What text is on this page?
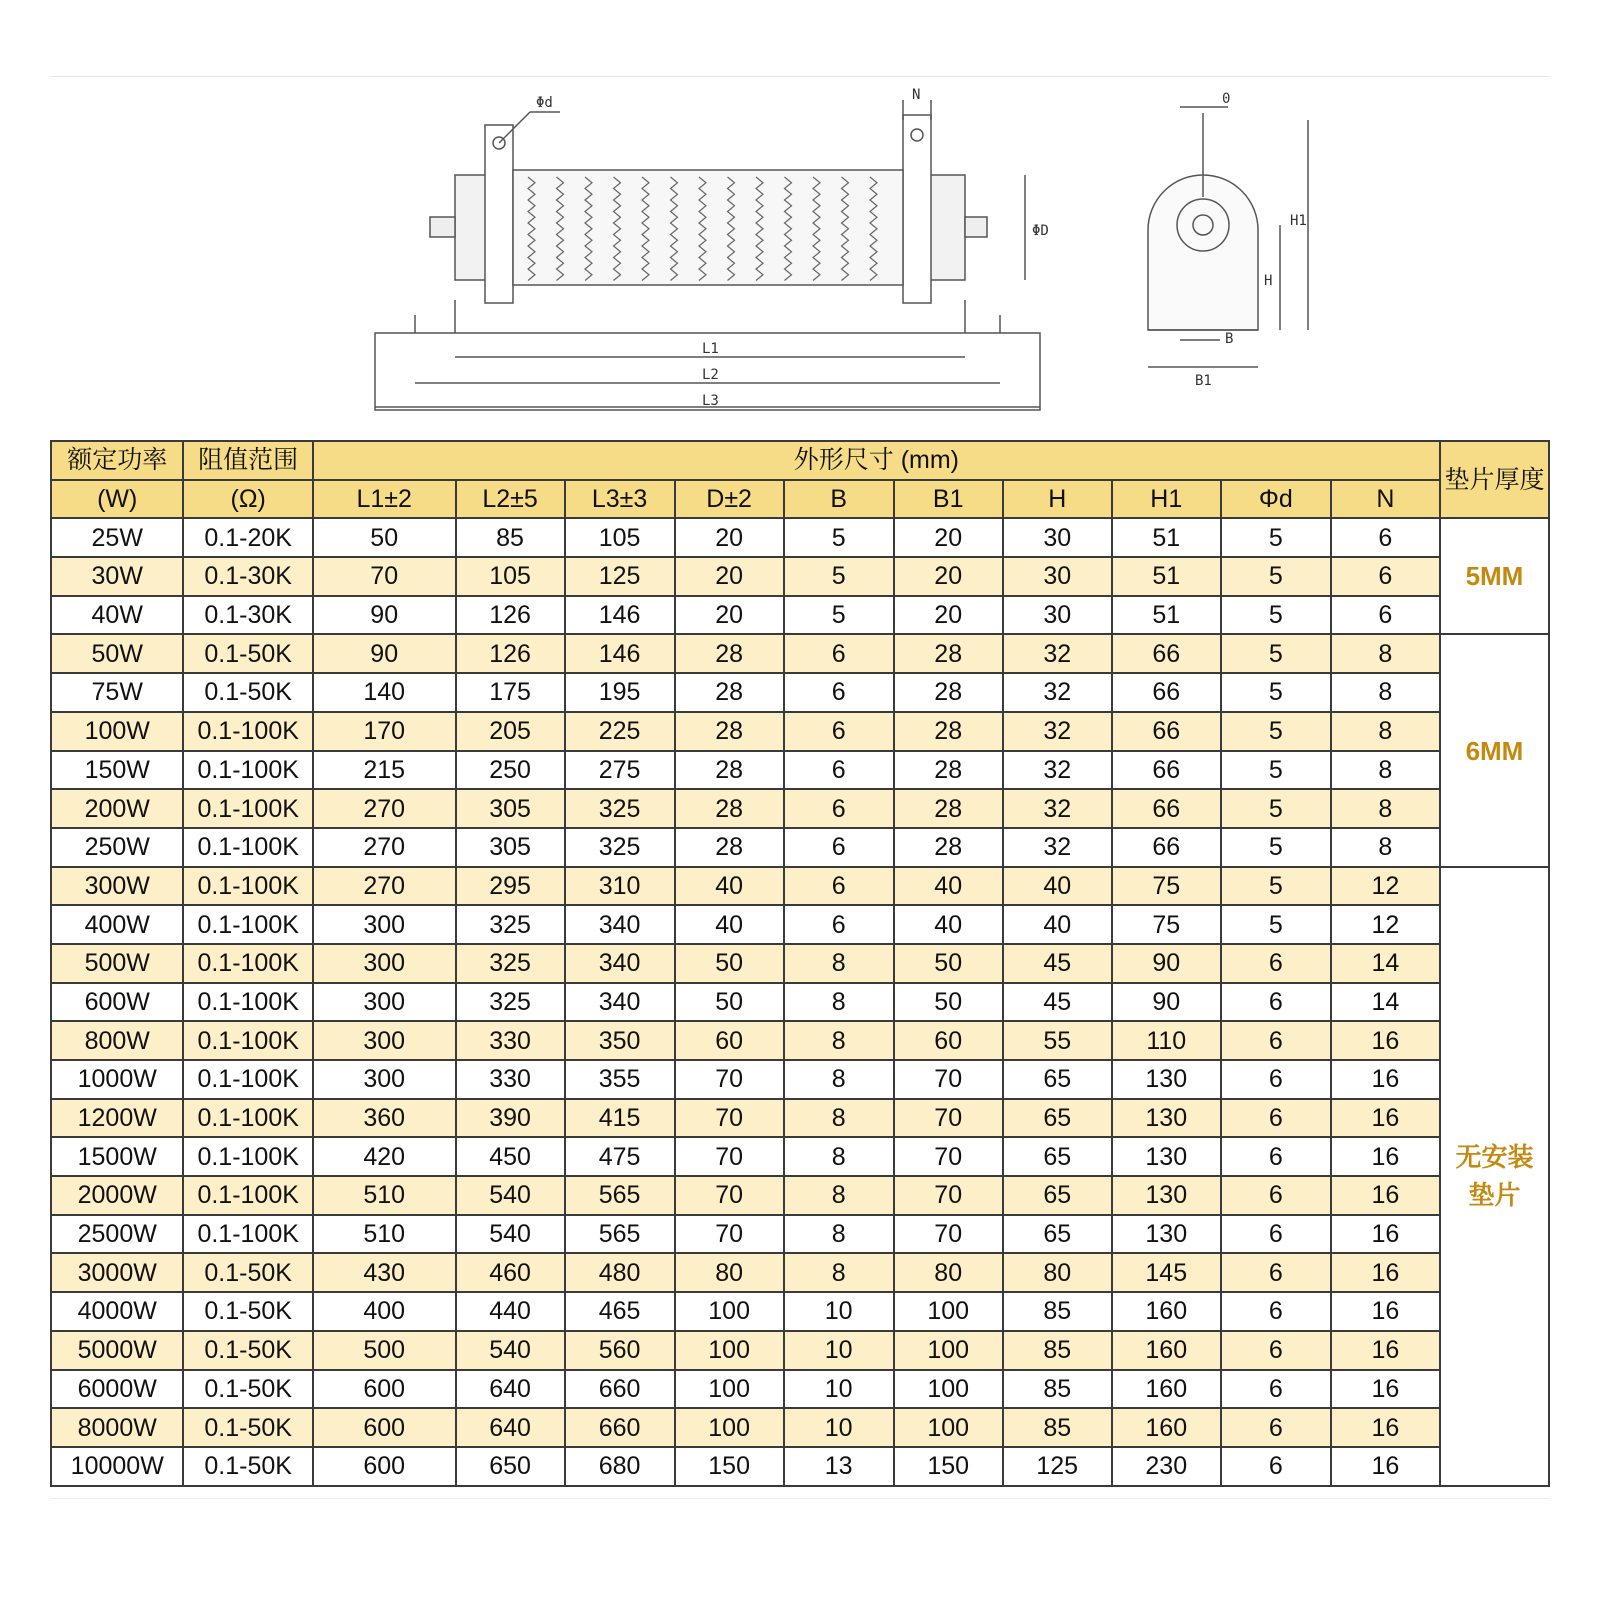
Φd	N
ΦD
L1
L2
L3
0
H1
H
B
B1
额定功率	阻值范围	外形尺寸 (mm)										垫片厚度
(W)	(Ω)	L1±2	L2±5	L3±3	D±2	B	B1	H	H1	Φd	N	
25W	0.1-20K	50	85	105	20	5	20	30	51	5	6	5MM
30W	0.1-30K	70	105	125	20	5	20	30	51	5	6	
40W	0.1-30K	90	126	146	20	5	20	30	51	5	6	
50W	0.1-50K	90	126	146	28	6	28	32	66	5	8	6MM
75W	0.1-50K	140	175	195	28	6	28	32	66	5	8	
100W	0.1-100K	170	205	225	28	6	28	32	66	5	8	
150W	0.1-100K	215	250	275	28	6	28	32	66	5	8	
200W	0.1-100K	270	305	325	28	6	28	32	66	5	8	
250W	0.1-100K	270	305	325	28	6	28	32	66	5	8	
300W	0.1-100K	270	295	310	40	6	40	40	75	5	12	无安装
垫片
400W	0.1-100K	300	325	340	40	6	40	40	75	5	12	
500W	0.1-100K	300	325	340	50	8	50	45	90	6	14	
600W	0.1-100K	300	325	340	50	8	50	45	90	6	14	
800W	0.1-100K	300	330	350	60	8	60	55	110	6	16	
1000W	0.1-100K	300	330	355	70	8	70	65	130	6	16	
1200W	0.1-100K	360	390	415	70	8	70	65	130	6	16	
1500W	0.1-100K	420	450	475	70	8	70	65	130	6	16	
2000W	0.1-100K	510	540	565	70	8	70	65	130	6	16	
2500W	0.1-100K	510	540	565	70	8	70	65	130	6	16	
3000W	0.1-50K	430	460	480	80	8	80	80	145	6	16	
4000W	0.1-50K	400	440	465	100	10	100	85	160	6	16	
5000W	0.1-50K	500	540	560	100	10	100	85	160	6	16	
6000W	0.1-50K	600	640	660	100	10	100	85	160	6	16	
8000W	0.1-50K	600	640	660	100	10	100	85	160	6	16	
10000W	0.1-50K	600	650	680	150	13	150	125	230	6	16	
